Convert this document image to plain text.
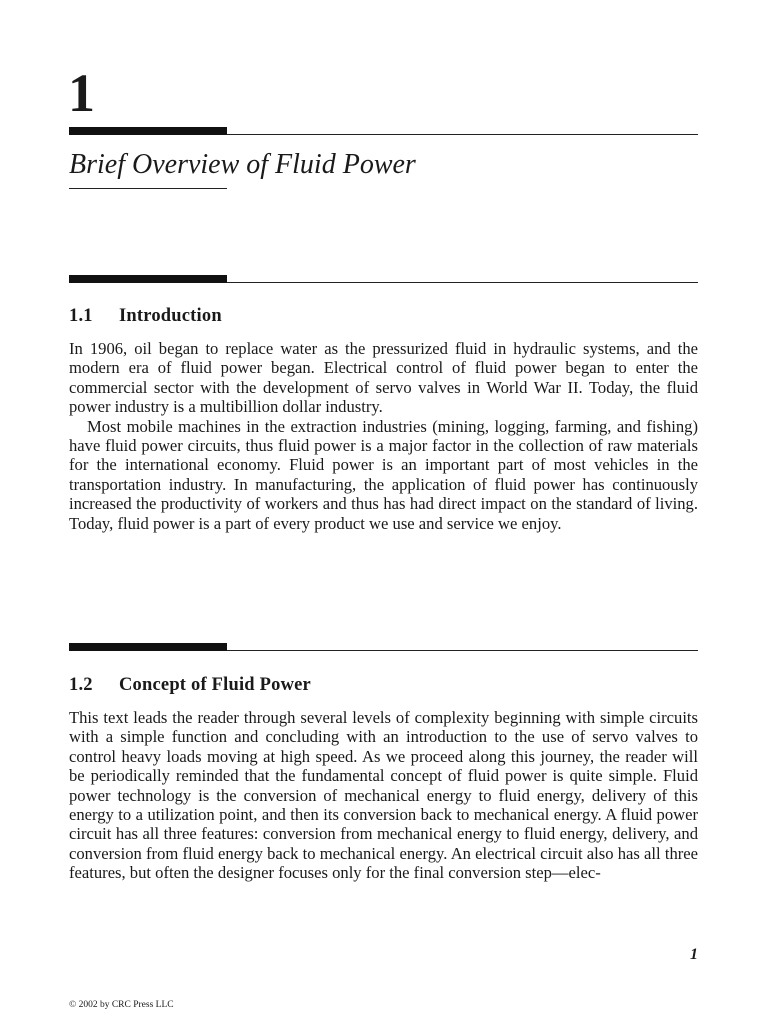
1
Brief Overview of Fluid Power
1.1 Introduction

In 1906, oil began to replace water as the pressurized fluid in hydraulic systems, and the modern era of fluid power began. Electrical control of fluid power began to enter the commercial sector with the development of servo valves in World War II. Today, the fluid power industry is a multibillion dollar industry.

Most mobile machines in the extraction industries (mining, logging, farming, and fishing) have fluid power circuits, thus fluid power is a major factor in the collection of raw materials for the international economy. Fluid power is an important part of most vehicles in the transportation industry. In manufacturing, the application of fluid power has continuously increased the productivity of workers and thus has had direct impact on the standard of living. Today, fluid power is a part of every product we use and service we enjoy.

1.2 Concept of Fluid Power

This text leads the reader through several levels of complexity beginning with simple circuits with a simple function and concluding with an introduction to the use of servo valves to control heavy loads moving at high speed. As we proceed along this journey, the reader will be periodically reminded that the fundamental concept of fluid power is quite simple. Fluid power technology is the conversion of mechanical energy to fluid energy, delivery of this energy to a utilization point, and then its conversion back to mechanical energy. A fluid power circuit has all three features: conversion from mechanical energy to fluid energy, delivery, and conversion from fluid energy back to mechanical energy. An electrical circuit also has all three features, but often the designer focuses only for the final conversion step—elec-

1
© 2002 by CRC Press LLC
